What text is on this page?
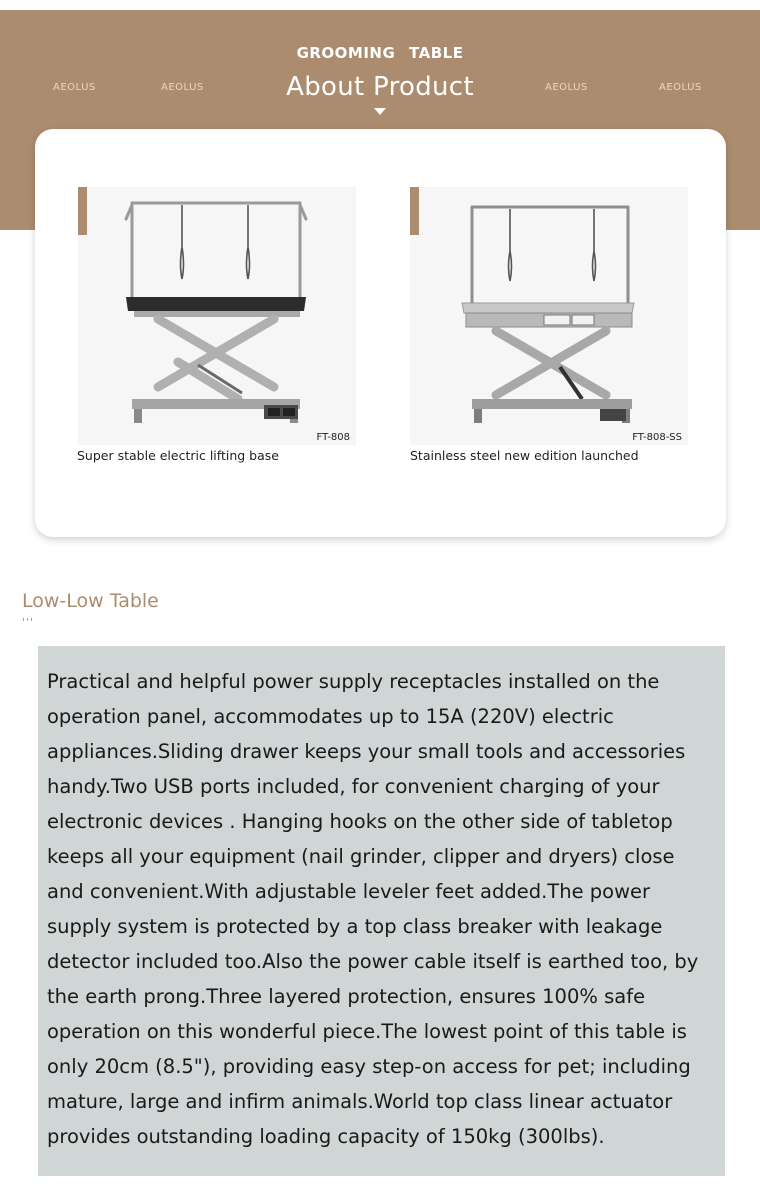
GROOMING TABLE
AEOLUS	AEOLUS	AEOLUS	AEOLUS
About Product
FT-808
Super stable electric lifting base
FT-808-SS
Stainless steel new edition launched
Low-Low Table
'''
Practical and helpful power supply receptacles installed on the operation panel, accommodates up to 15A (220V) electric appliances.Sliding drawer keeps your small tools and accessories handy.Two USB ports included, for convenient charging of your electronic devices . Hanging hooks on the other side of tabletop keeps all your equipment (nail grinder, clipper and dryers) close and convenient.With adjustable leveler feet added.The power supply system is protected by a top class breaker with leakage detector included too.Also the power cable itself is earthed too, by the earth prong.Three layered protection, ensures 100% safe operation on this wonderful piece.The lowest point of this table is only 20cm (8.5"), providing easy step-on access for pet; including mature, large and infirm animals.World top class linear actuator provides outstanding loading capacity of 150kg (300lbs).
